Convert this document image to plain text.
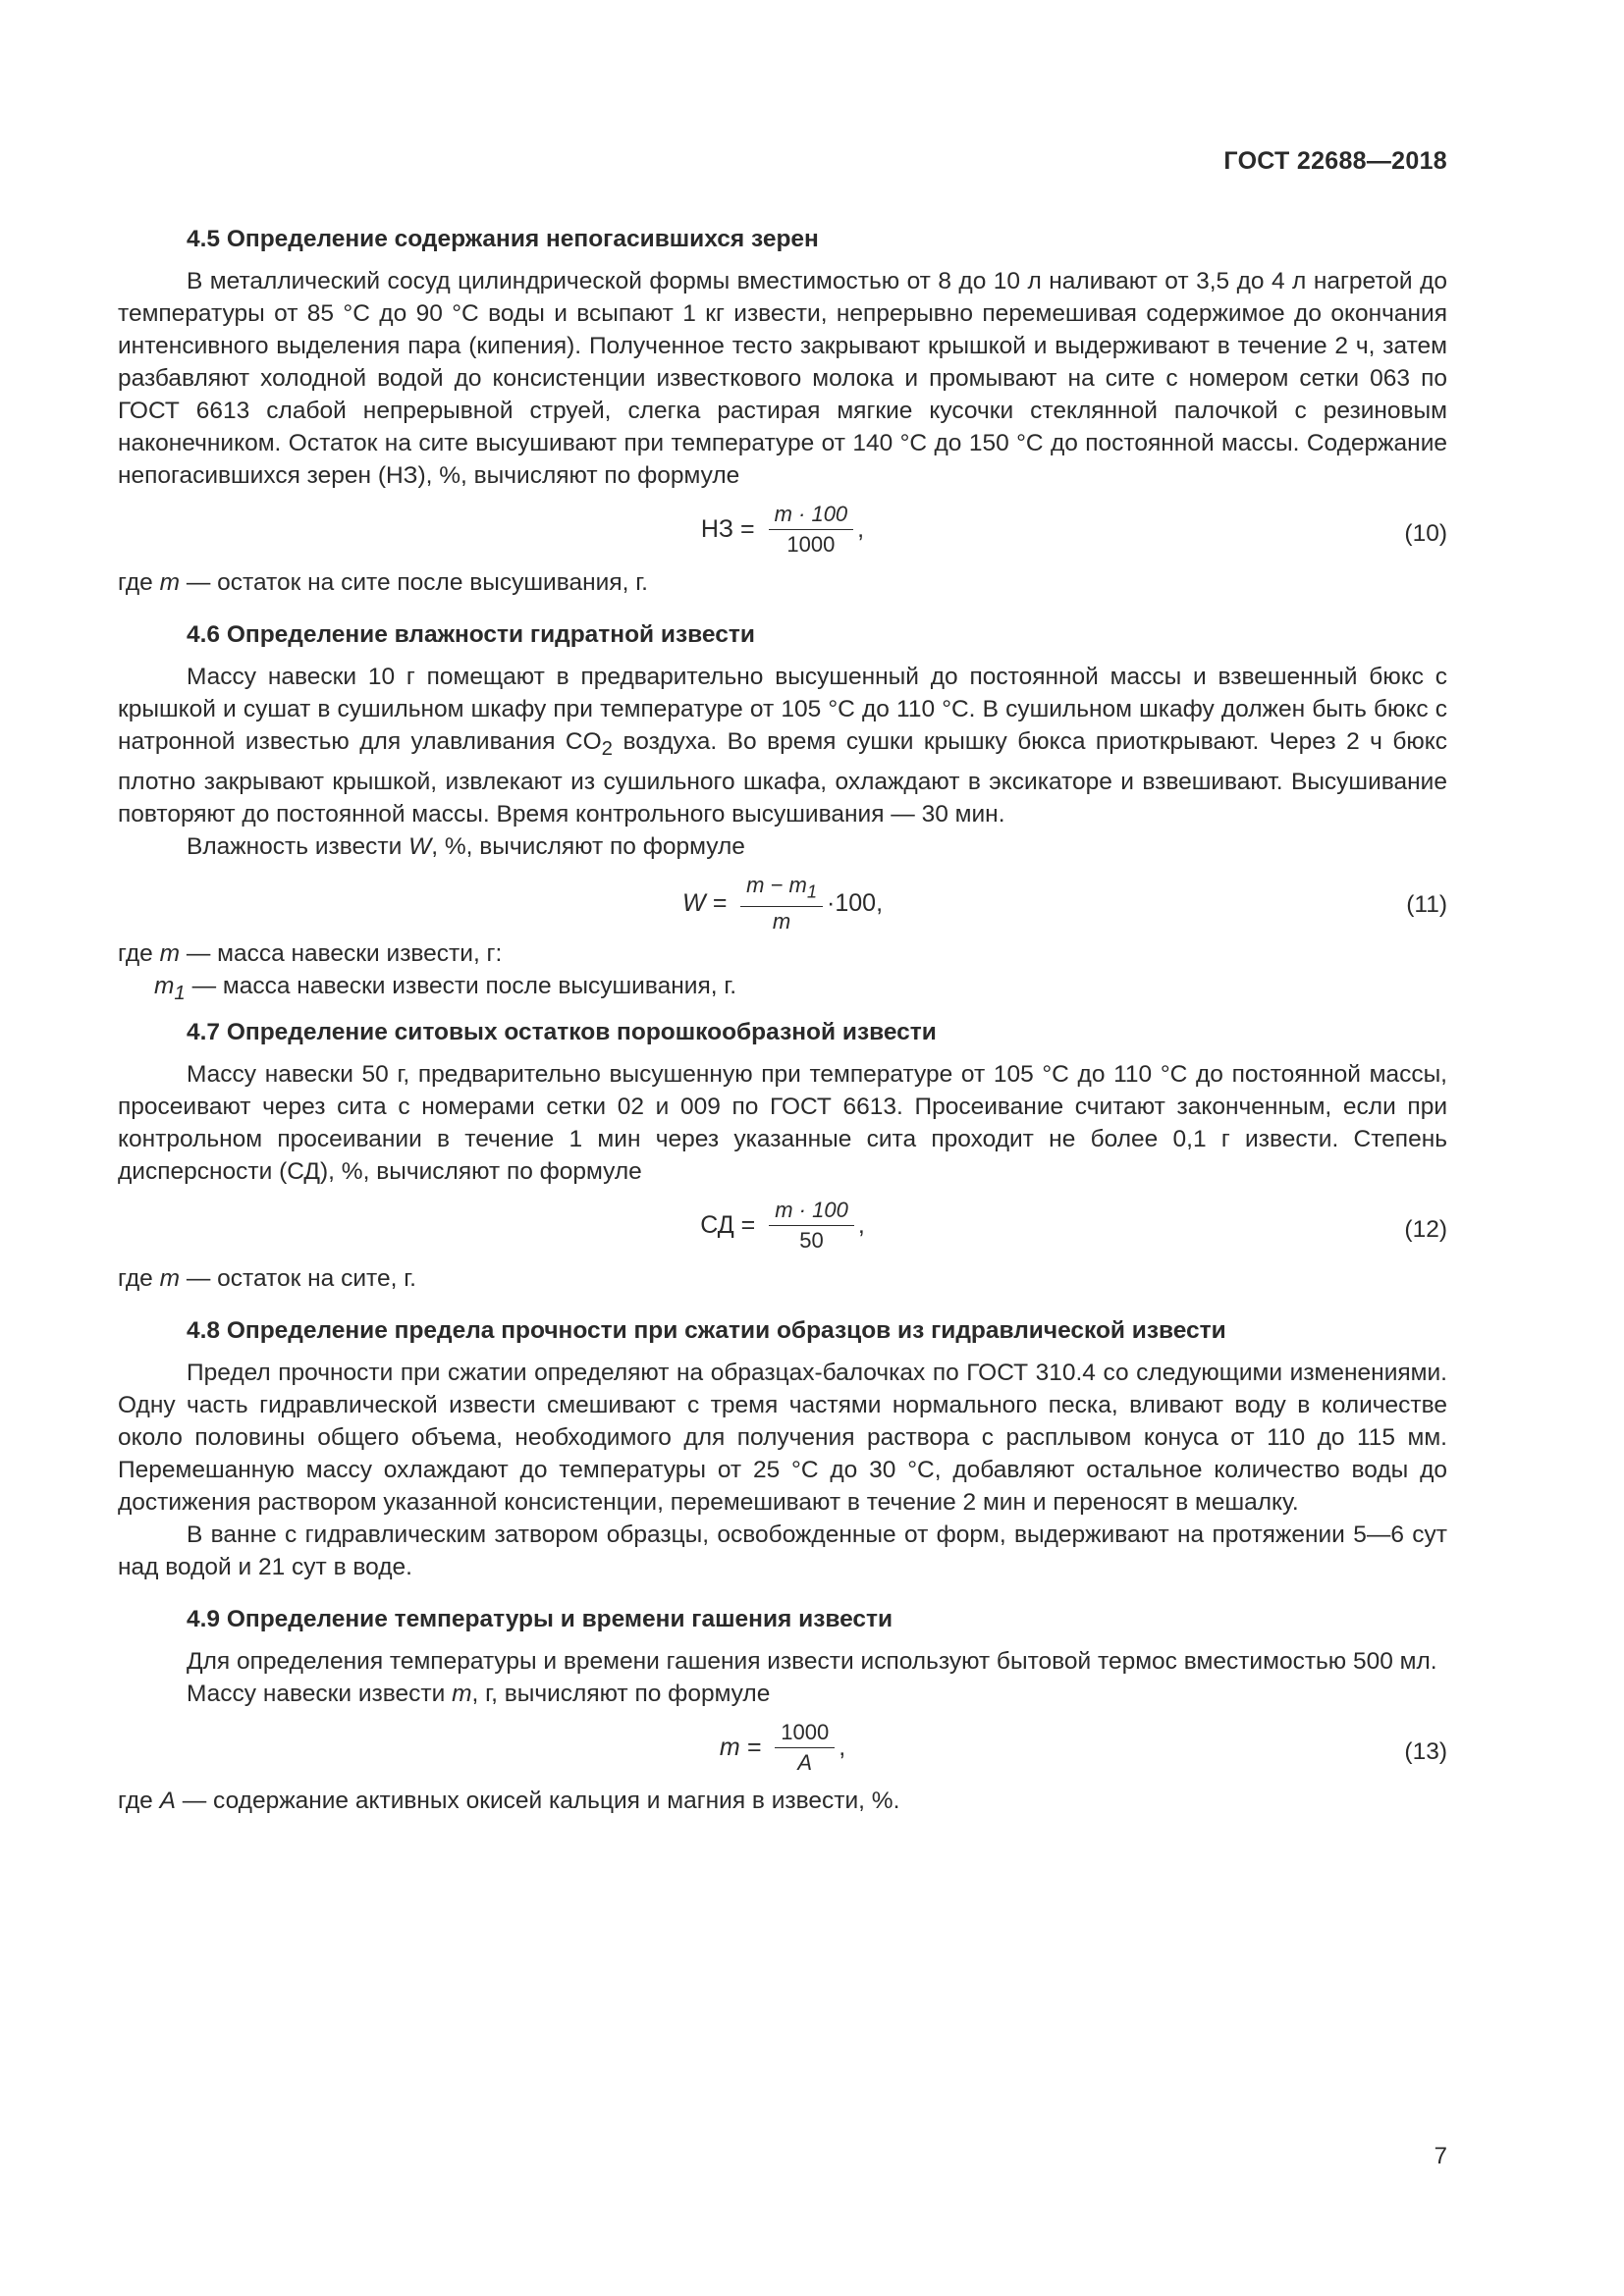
ГОСТ 22688—2018

4.5 Определение содержания непогасившихся зерен

В металлический сосуд цилиндрической формы вместимостью от 8 до 10 л наливают от 3,5 до 4 л нагретой до температуры от 85 °С до 90 °С воды и всыпают 1 кг извести, непрерывно перемешивая содержимое до окончания интенсивного выделения пара (кипения). Полученное тесто закрывают крышкой и выдерживают в течение 2 ч, затем разбавляют холодной водой до консистенции известкового молока и промывают на сите с номером сетки 063 по ГОСТ 6613 слабой непрерывной струей, слегка растирая мягкие кусочки стеклянной палочкой с резиновым наконечником. Остаток на сите высушивают при температуре от 140 °С до 150 °С до постоянной массы. Содержание непогасившихся зерен (НЗ), %, вычисляют по формуле

НЗ = $\frac{m \cdot 100}{1000}$ ,	(10)

где m — остаток на сите после высушивания, г.

4.6 Определение влажности гидратной извести

Массу навески 10 г помещают в предварительно высушенный до постоянной массы и взвешенный бюкс с крышкой и сушат в сушильном шкафу при температуре от 105 °С до 110 °С. В сушильном шкафу должен быть бюкс с натронной известью для улавливания $CO_2$ воздуха. Во время сушки крышку бюкса приоткрывают. Через 2 ч бюкс плотно закрывают крышкой, извлекают из сушильного шкафа, охлаждают в эксикаторе и взвешивают. Высушивание повторяют до постоянной массы. Время контрольного высушивания — 30 мин.

Влажность извести W, %, вычисляют по формуле

$W = \frac{m - m_1}{m} \cdot 100$,	(11)

где m — масса навески извести, г:

$m_1$ — масса навески извести после высушивания, г.

4.7 Определение ситовых остатков порошкообразной извести

Массу навески 50 г, предварительно высушенную при температуре от 105 °С до 110 °С до постоянной массы, просеивают через сита с номерами сетки 02 и 009 по ГОСТ 6613. Просеивание считают законченным, если при контрольном просеивании в течение 1 мин через указанные сита проходит не более 0,1 г извести. Степень дисперсности (СД), %, вычисляют по формуле

СД = $\frac{m \cdot 100}{50}$ ,	(12)

где m — остаток на сите, г.

4.8 Определение предела прочности при сжатии образцов из гидравлической извести

Предел прочности при сжатии определяют на образцах-балочках по ГОСТ 310.4 со следующими изменениями. Одну часть гидравлической извести смешивают с тремя частями нормального песка, вливают воду в количестве около половины общего объема, необходимого для получения раствора с расплывом конуса от 110 до 115 мм. Перемешанную массу охлаждают до температуры от 25 °С до 30 °С, добавляют остальное количество воды до достижения раствором указанной консистенции, перемешивают в течение 2 мин и переносят в мешалку.

В ванне с гидравлическим затвором образцы, освобожденные от форм, выдерживают на протяжении 5—6 сут над водой и 21 сут в воде.

4.9 Определение температуры и времени гашения извести

Для определения температуры и времени гашения извести используют бытовой термос вместимостью 500 мл.

Массу навески извести m, г, вычисляют по формуле

$m = \frac{1000}{A}$ ,	(13)

где A — содержание активных окисей кальция и магния в извести, %.

7
